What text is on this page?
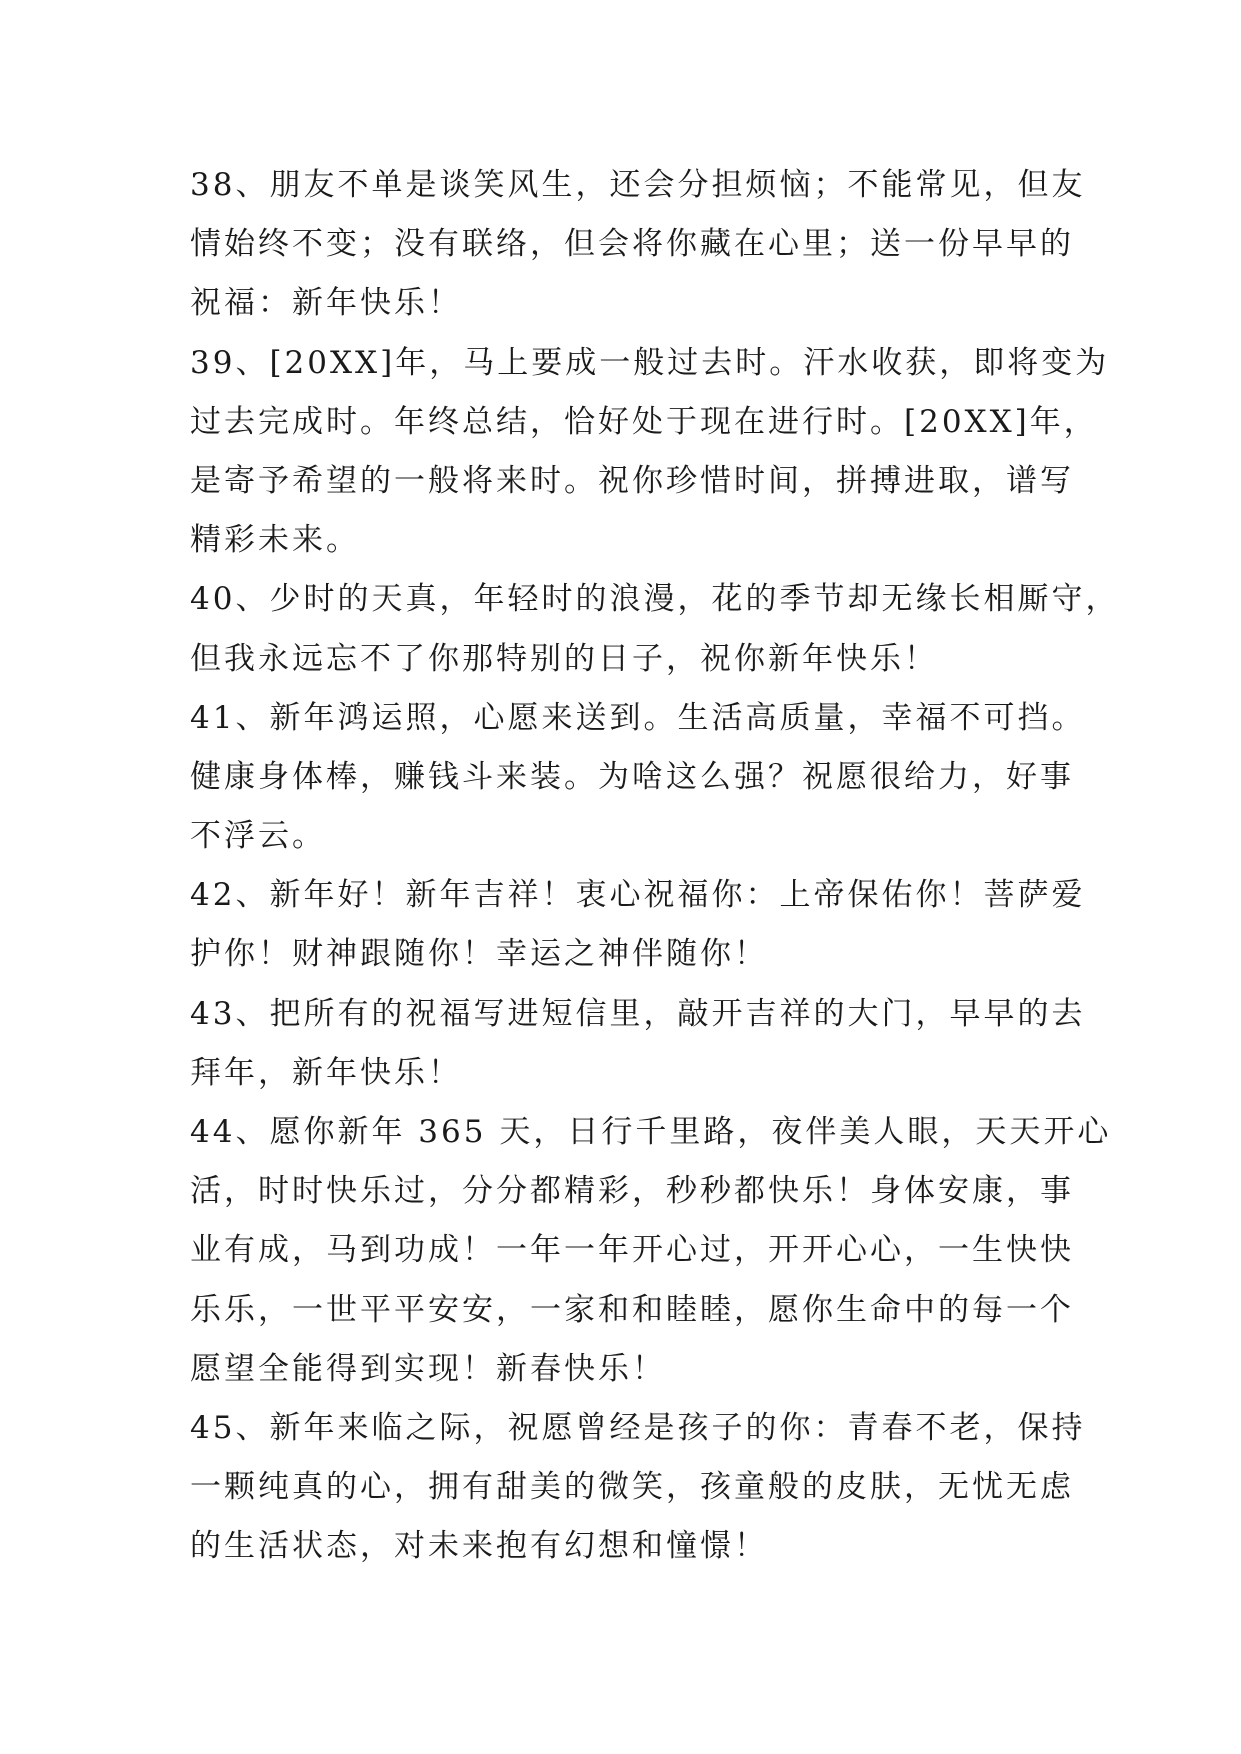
38、朋友不单是谈笑风生，还会分担烦恼；不能常见，但友
情始终不变；没有联络，但会将你藏在心里；送一份早早的
祝福：新年快乐！

39、[20XX]年，马上要成一般过去时。汗水收获，即将变为
过去完成时。年终总结，恰好处于现在进行时。[20XX]年，
是寄予希望的一般将来时。祝你珍惜时间，拼搏进取，谱写
精彩未来。

40、少时的天真，年轻时的浪漫，花的季节却无缘长相厮守，
但我永远忘不了你那特别的日子，祝你新年快乐！

41、新年鸿运照，心愿来送到。生活高质量，幸福不可挡。
健康身体棒，赚钱斗来装。为啥这么强？祝愿很给力，好事
不浮云。

42、新年好！新年吉祥！衷心祝福你：上帝保佑你！菩萨爱
护你！财神跟随你！幸运之神伴随你！

43、把所有的祝福写进短信里，敲开吉祥的大门，早早的去
拜年，新年快乐！

44、愿你新年 365 天，日行千里路，夜伴美人眼，天天开心
活，时时快乐过，分分都精彩，秒秒都快乐！身体安康，事
业有成，马到功成！一年一年开心过，开开心心，一生快快
乐乐，一世平平安安，一家和和睦睦，愿你生命中的每一个
愿望全能得到实现！新春快乐！

45、新年来临之际，祝愿曾经是孩子的你：青春不老，保持
一颗纯真的心，拥有甜美的微笑，孩童般的皮肤，无忧无虑
的生活状态，对未来抱有幻想和憧憬！
